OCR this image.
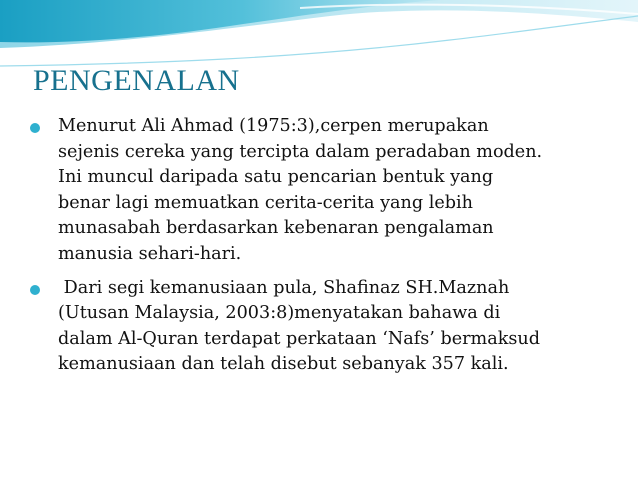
PENGENALAN
Menurut Ali Ahmad (1975:3),cerpen merupakan
sejenis cereka yang tercipta dalam peradaban moden.
Ini muncul daripada satu pencarian bentuk yang
benar lagi memuatkan cerita-cerita yang lebih
munasabah berdasarkan kebenaran pengalaman
manusia sehari-hari.
Dari segi kemanusiaan pula, Shafinaz SH.Maznah
(Utusan Malaysia, 2003:8)menyatakan bahawa di
dalam Al-Quran terdapat perkataan ‘Nafs’ bermaksud
kemanusiaan dan telah disebut sebanyak 357 kali.
